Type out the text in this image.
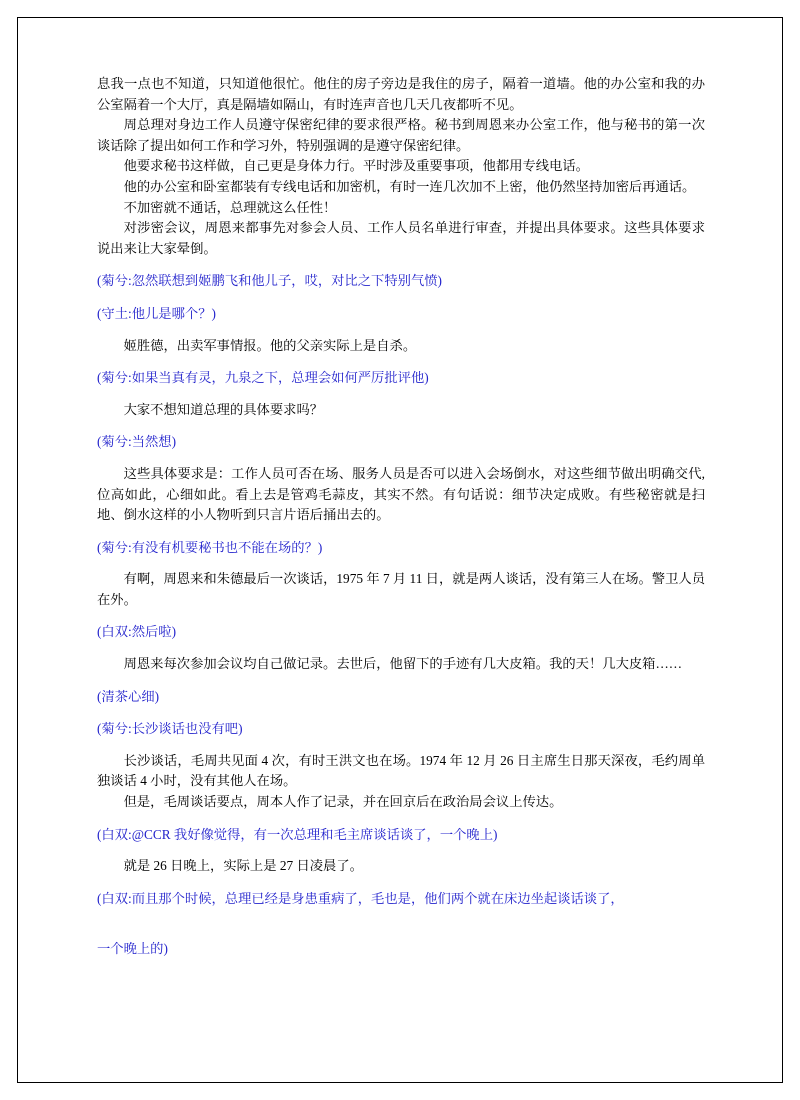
息我一点也不知道，只知道他很忙。他住的房子旁边是我住的房子，隔着一道墙。他的办公室和我的办公室隔着一个大厅，真是隔墙如隔山，有时连声音也几天几夜都听不见。

周总理对身边工作人员遵守保密纪律的要求很严格。秘书到周恩来办公室工作，他与秘书的第一次谈话除了提出如何工作和学习外，特别强调的是遵守保密纪律。

他要求秘书这样做，自己更是身体力行。平时涉及重要事项，他都用专线电话。

他的办公室和卧室都装有专线电话和加密机，有时一连几次加不上密，他仍然坚持加密后再通话。

不加密就不通话，总理就这么任性！

对涉密会议，周恩来都事先对参会人员、工作人员名单进行审查，并提出具体要求。这些具体要求说出来让大家晕倒。

(菊兮:忽然联想到姬鹏飞和他儿子，哎，对比之下特别气愤)

(守土:他儿是哪个？)

姬胜德，出卖军事情报。他的父亲实际上是自杀。

(菊兮:如果当真有灵，九泉之下，总理会如何严厉批评他)

大家不想知道总理的具体要求吗？

(菊兮:当然想)

这些具体要求是：工作人员可否在场、服务人员是否可以进入会场倒水，对这些细节做出明确交代,位高如此，心细如此。看上去是管鸡毛蒜皮，其实不然。有句话说：细节决定成败。有些秘密就是扫地、倒水这样的小人物听到只言片语后捅出去的。

(菊兮:有没有机要秘书也不能在场的？)

有啊，周恩来和朱德最后一次谈话，1975 年 7 月 11 日，就是两人谈话，没有第三人在场。警卫人员在外。

(白双:然后啦)

周恩来每次参加会议均自己做记录。去世后，他留下的手迹有几大皮箱。我的天！几大皮箱……

(清茶心细)

(菊兮:长沙谈话也没有吧)

长沙谈话，毛周共见面 4 次，有时王洪文也在场。1974 年 12 月 26 日主席生日那天深夜，毛约周单独谈话 4 小时，没有其他人在场。

但是，毛周谈话要点，周本人作了记录，并在回京后在政治局会议上传达。

(白双:@CCR 我好像觉得，有一次总理和毛主席谈话谈了，一个晚上)

就是 26 日晚上，实际上是 27 日凌晨了。

(白双:而且那个时候，总理已经是身患重病了，毛也是，他们两个就在床边坐起谈话谈了，

一个晚上的)
